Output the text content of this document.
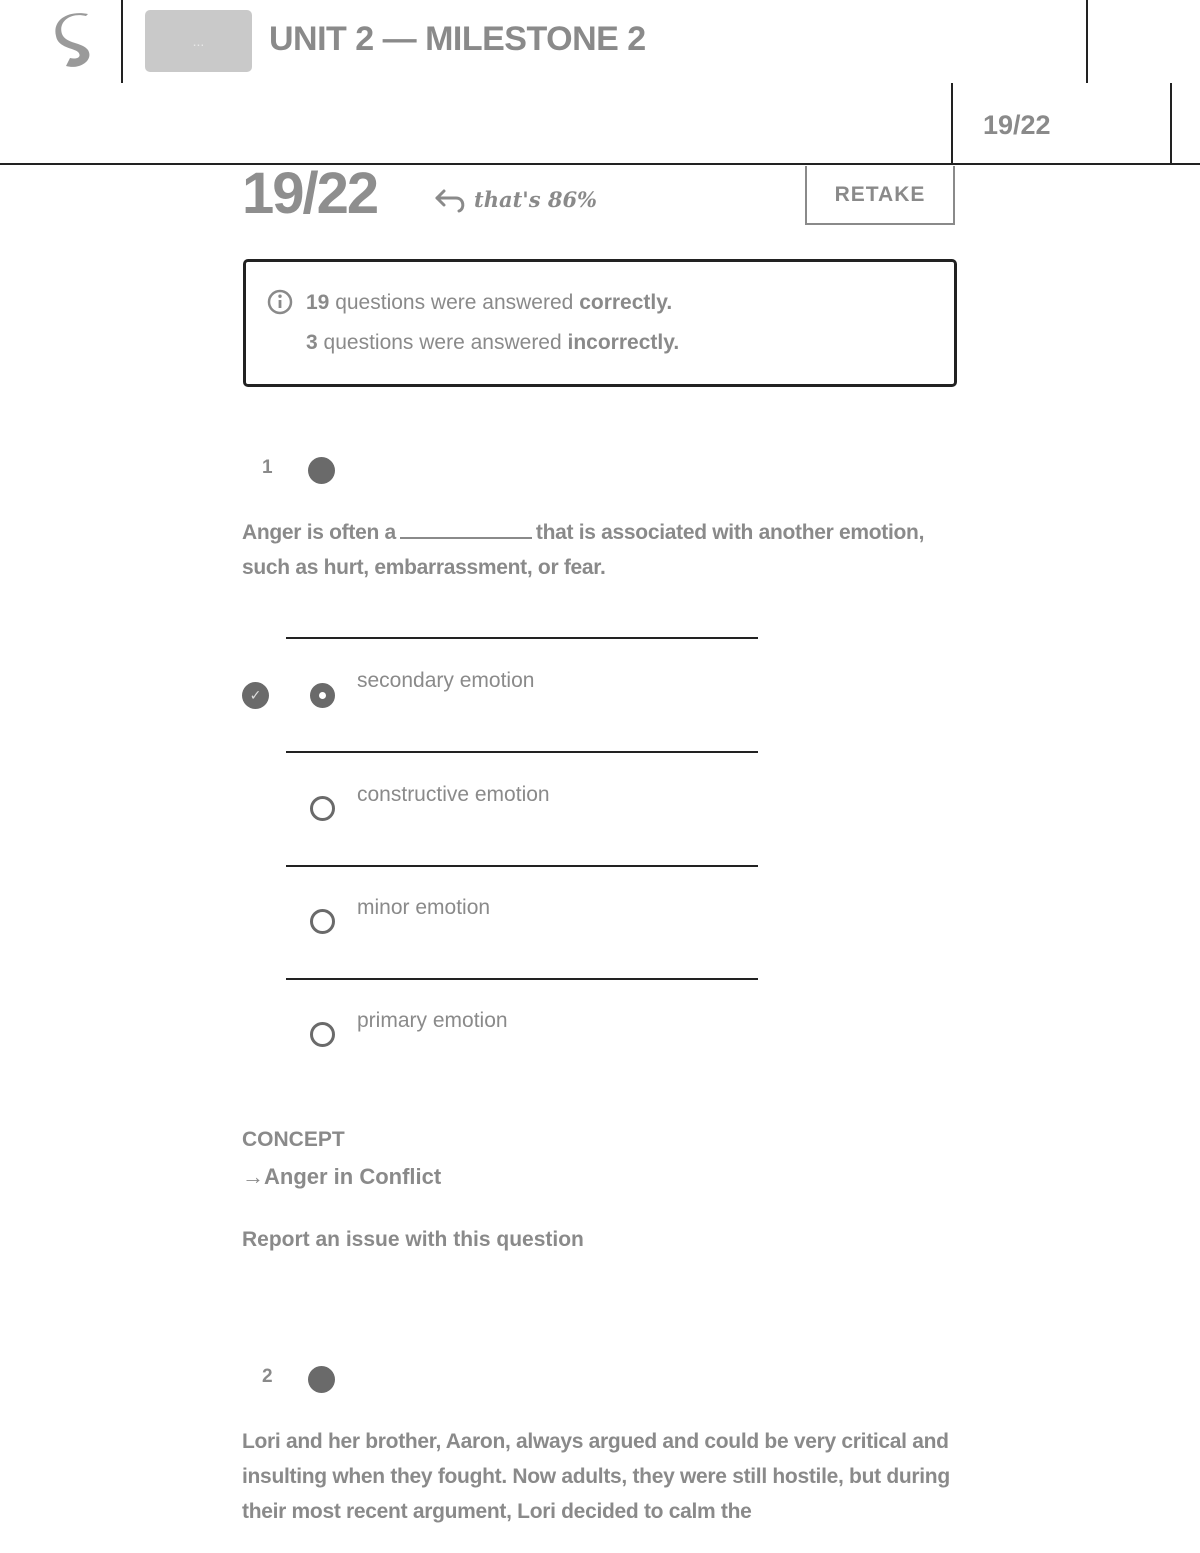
...	UNIT 2 — MILESTONE 2
19/22
19/22	that's 86%	RETAKE
19 questions were answered correctly.
3 questions were answered incorrectly.
1
Anger is often a	that is associated with another emotion, such as hurt, embarrassment, or fear.
✓
secondary emotion
constructive emotion
minor emotion
primary emotion
CONCEPT
→Anger in Conflict
Report an issue with this question
2
Lori and her brother, Aaron, always argued and could be very critical and insulting when they fought. Now adults, they were still hostile, but during their most recent argument, Lori decided to calm the
